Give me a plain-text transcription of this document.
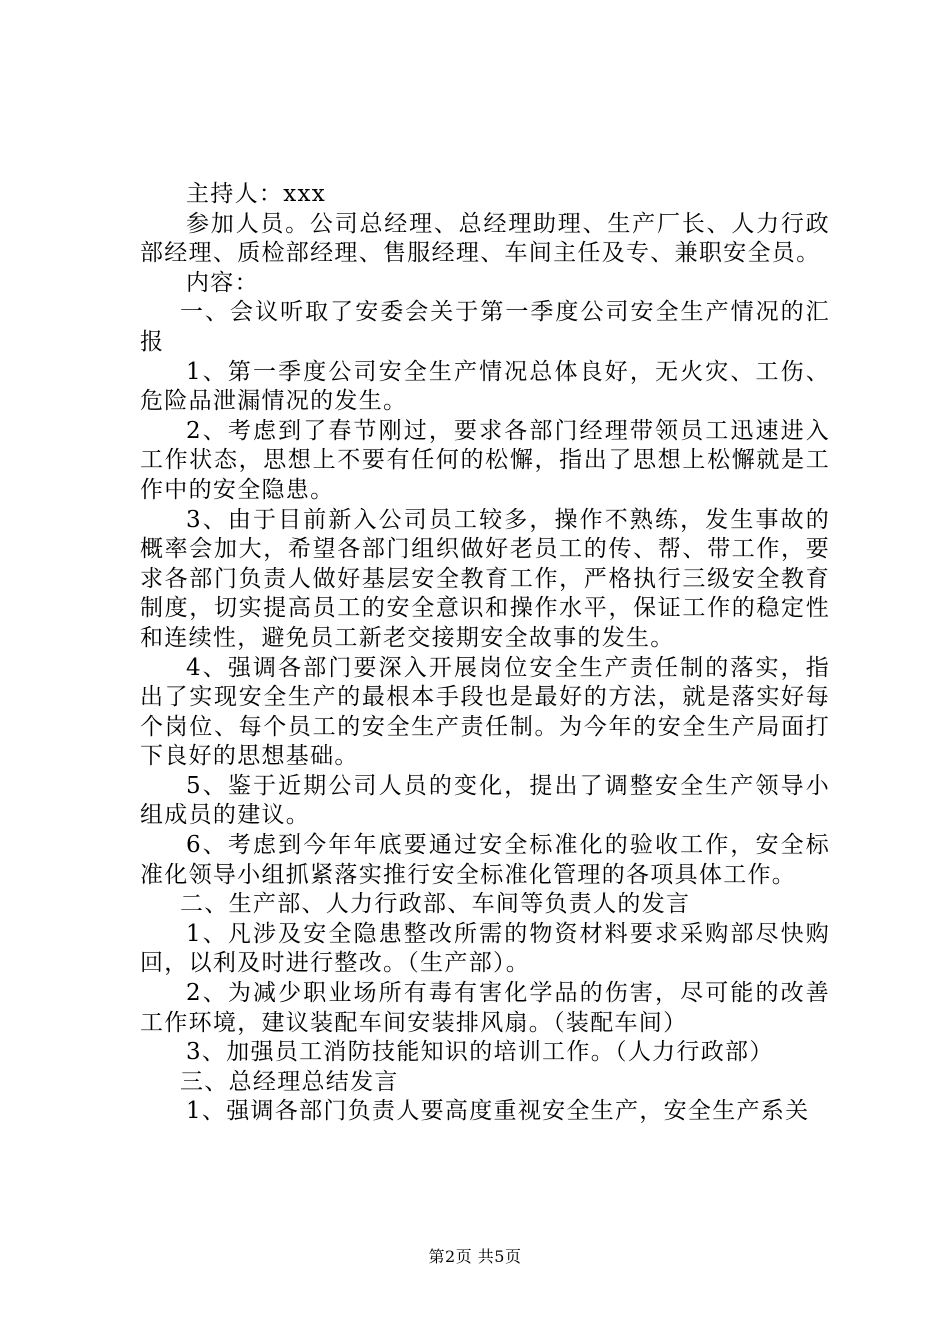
主持人：xxx

参加人员。公司总经理、总经理助理、生产厂长、人力行政部经理、质检部经理、售服经理、车间主任及专、兼职安全员。

内容：

一、会议听取了安委会关于第一季度公司安全生产情况的汇报

1、第一季度公司安全生产情况总体良好，无火灾、工伤、危险品泄漏情况的发生。

2、考虑到了春节刚过，要求各部门经理带领员工迅速进入工作状态，思想上不要有任何的松懈，指出了思想上松懈就是工作中的安全隐患。

3、由于目前新入公司员工较多，操作不熟练，发生事故的概率会加大，希望各部门组织做好老员工的传、帮、带工作，要求各部门负责人做好基层安全教育工作，严格执行三级安全教育制度，切实提高员工的安全意识和操作水平，保证工作的稳定性和连续性，避免员工新老交接期安全故事的发生。

4、强调各部门要深入开展岗位安全生产责任制的落实，指出了实现安全生产的最根本手段也是最好的方法，就是落实好每个岗位、每个员工的安全生产责任制。为今年的安全生产局面打下良好的思想基础。

5、鉴于近期公司人员的变化，提出了调整安全生产领导小组成员的建议。

6、考虑到今年年底要通过安全标准化的验收工作，安全标准化领导小组抓紧落实推行安全标准化管理的各项具体工作。

二、生产部、人力行政部、车间等负责人的发言

1、凡涉及安全隐患整改所需的物资材料要求采购部尽快购回，以利及时进行整改。（生产部）。

2、为减少职业场所有毒有害化学品的伤害，尽可能的改善工作环境，建议装配车间安装排风扇。（装配车间）

3、加强员工消防技能知识的培训工作。（人力行政部）

三、总经理总结发言

1、强调各部门负责人要高度重视安全生产，安全生产系关

第2页 共5页
